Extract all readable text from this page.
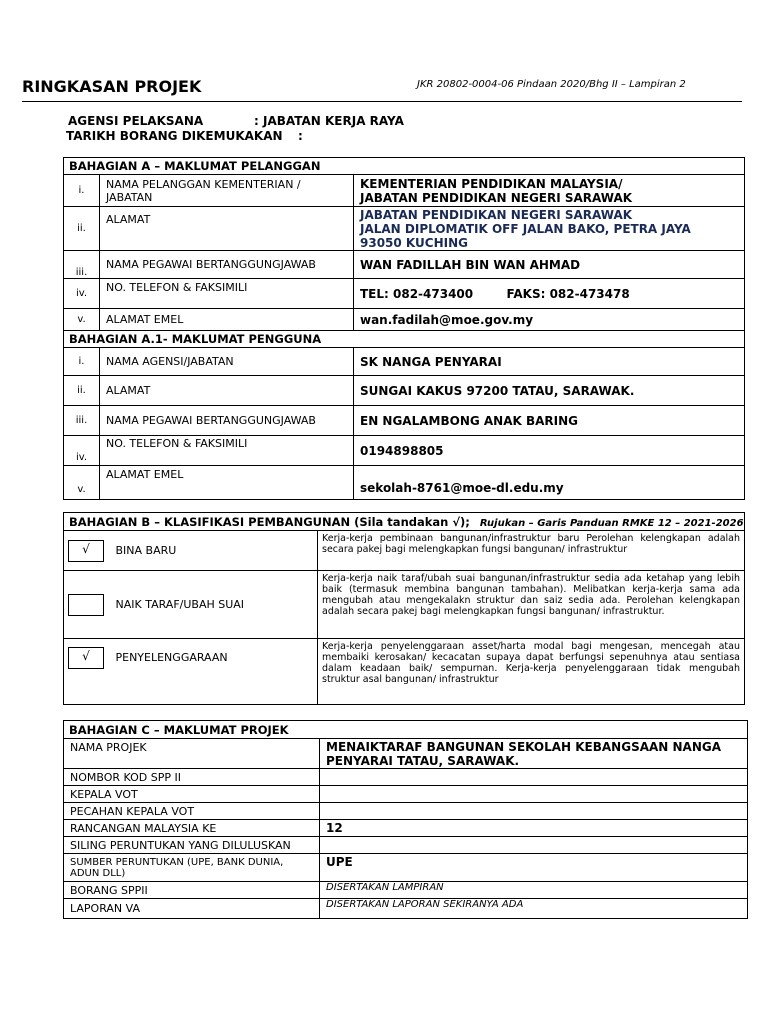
RINGKASAN PROJEK	JKR 20802-0004-06 Pindaan 2020/Bhg II – Lampiran 2
AGENSI PELAKSANA	: JABATAN KERJA RAYA
TARIKH BORANG DIKEMUKAKAN :
BAHAGIAN A – MAKLUMAT PELANGGAN		
i.	NAMA PELANGGAN KEMENTERIAN / JABATAN	KEMENTERIAN PENDIDIKAN MALAYSIA/
JABATAN PENDIDIKAN NEGERI SARAWAK
ii.	ALAMAT	JABATAN PENDIDIKAN NEGERI SARAWAK
JALAN DIPLOMATIK OFF JALAN BAKO, PETRA JAYA
93050 KUCHING
iii.	NAMA PEGAWAI BERTANGGUNGJAWAB	WAN FADILLAH BIN WAN AHMAD
iv.	NO. TELEFON & FAKSIMILI	TEL: 082-473400        FAKS: 082-473478
v.	ALAMAT EMEL	wan.fadilah@moe.gov.my
BAHAGIAN A.1- MAKLUMAT PENGGUNA		
i.	NAMA AGENSI/JABATAN	SK NANGA PENYARAI
ii.	ALAMAT	SUNGAI KAKUS 97200 TATAU, SARAWAK.
iii.	NAMA PEGAWAI BERTANGGUNGJAWAB	EN NGALAMBONG ANAK BARING
iv.	NO. TELEFON & FAKSIMILI	0194898805
v.	ALAMAT EMEL	sekolah-8761@moe-dl.edu.my
BAHAGIAN B – KLASIFIKASI PEMBANGUNAN (Sila tandakan √); Rujukan – Garis Panduan RMKE 12 – 2021-2026	
√ BINA BARU	Kerja-kerja pembinaan bangunan/infrastruktur baru Perolehan kelengkapan adalah secara pakej bagi melengkapkan fungsi bangunan/ infrastruktur
NAIK TARAF/UBAH SUAI	Kerja-kerja naik taraf/ubah suai bangunan/infrastruktur sedia ada ketahap yang lebih baik (termasuk membina bangunan tambahan). Melibatkan kerja-kerja sama ada mengubah atau mengekalakn struktur dan saiz sedia ada. Perolehan kelengkapan adalah secara pakej bagi melengkapkan fungsi bangunan/ infrastruktur.
√ PENYELENGGARAAN	Kerja-kerja penyelenggaraan asset/harta modal bagi mengesan, mencegah atau membaiki kerosakan/ kecacatan supaya dapat berfungsi sepenuhnya atau sentiasa dalam keadaan baik/ sempurnan. Kerja-kerja penyelenggaraan tidak mengubah struktur asal bangunan/ infrastruktur
BAHAGIAN C – MAKLUMAT PROJEK	
NAMA PROJEK	MENAIKTARAF BANGUNAN SEKOLAH KEBANGSAAN NANGA PENYARAI TATAU, SARAWAK.
NOMBOR KOD SPP II	
KEPALA VOT	
PECAHAN KEPALA VOT	
RANCANGAN MALAYSIA KE	12
SILING PERUNTUKAN YANG DILULUSKAN	
SUMBER PERUNTUKAN (UPE, BANK DUNIA, ADUN DLL)	UPE
BORANG SPPII	DISERTAKAN LAMPIRAN
LAPORAN VA	DISERTAKAN LAPORAN SEKIRANYA ADA
